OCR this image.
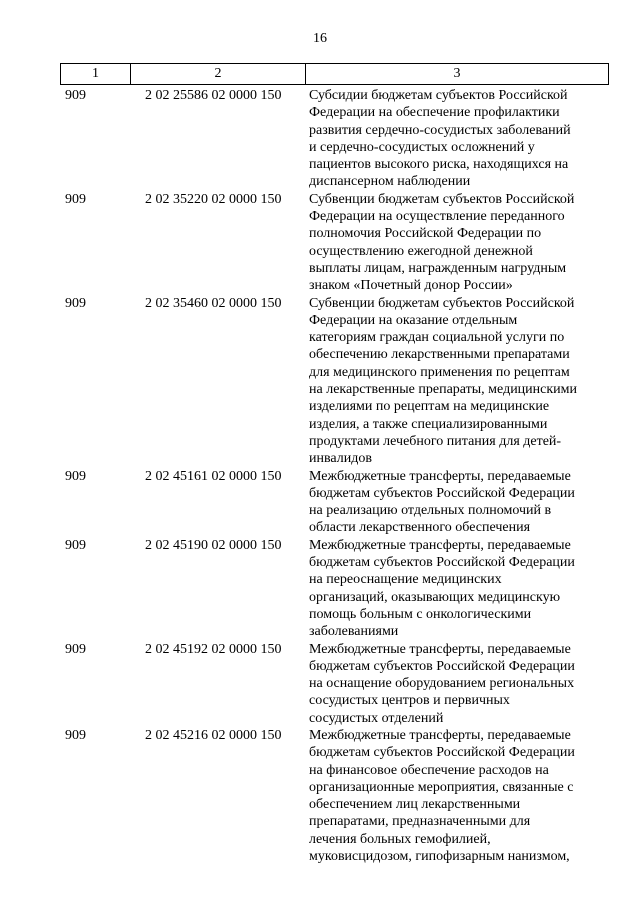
16
1	2	3
909	2 02 25586 02 0000 150	Субсидии бюджетам субъектов Российской
Федерации на обеспечение профилактики
развития сердечно-сосудистых заболеваний
и сердечно-сосудистых осложнений у
пациентов высокого риска, находящихся на
диспансерном наблюдении
909	2 02 35220 02 0000 150	Субвенции бюджетам субъектов Российской
Федерации на осуществление переданного
полномочия Российской Федерации по
осуществлению ежегодной денежной
выплаты лицам, награжденным нагрудным
знаком «Почетный донор России»
909	2 02 35460 02 0000 150	Субвенции бюджетам субъектов Российской
Федерации на оказание отдельным
категориям граждан социальной услуги по
обеспечению лекарственными препаратами
для медицинского применения по рецептам
на лекарственные препараты, медицинскими
изделиями по рецептам на медицинские
изделия, а также специализированными
продуктами лечебного питания для детей-
инвалидов
909	2 02 45161 02 0000 150	Межбюджетные трансферты, передаваемые
бюджетам субъектов Российской Федерации
на реализацию отдельных полномочий в
области лекарственного обеспечения
909	2 02 45190 02 0000 150	Межбюджетные трансферты, передаваемые
бюджетам субъектов Российской Федерации
на переоснащение медицинских
организаций, оказывающих медицинскую
помощь больным с онкологическими
заболеваниями
909	2 02 45192 02 0000 150	Межбюджетные трансферты, передаваемые
бюджетам субъектов Российской Федерации
на оснащение оборудованием региональных
сосудистых центров и первичных
сосудистых отделений
909	2 02 45216 02 0000 150	Межбюджетные трансферты, передаваемые
бюджетам субъектов Российской Федерации
на финансовое обеспечение расходов на
организационные мероприятия, связанные с
обеспечением лиц лекарственными
препаратами, предназначенными для
лечения больных гемофилией,
муковисцидозом, гипофизарным нанизмом,
